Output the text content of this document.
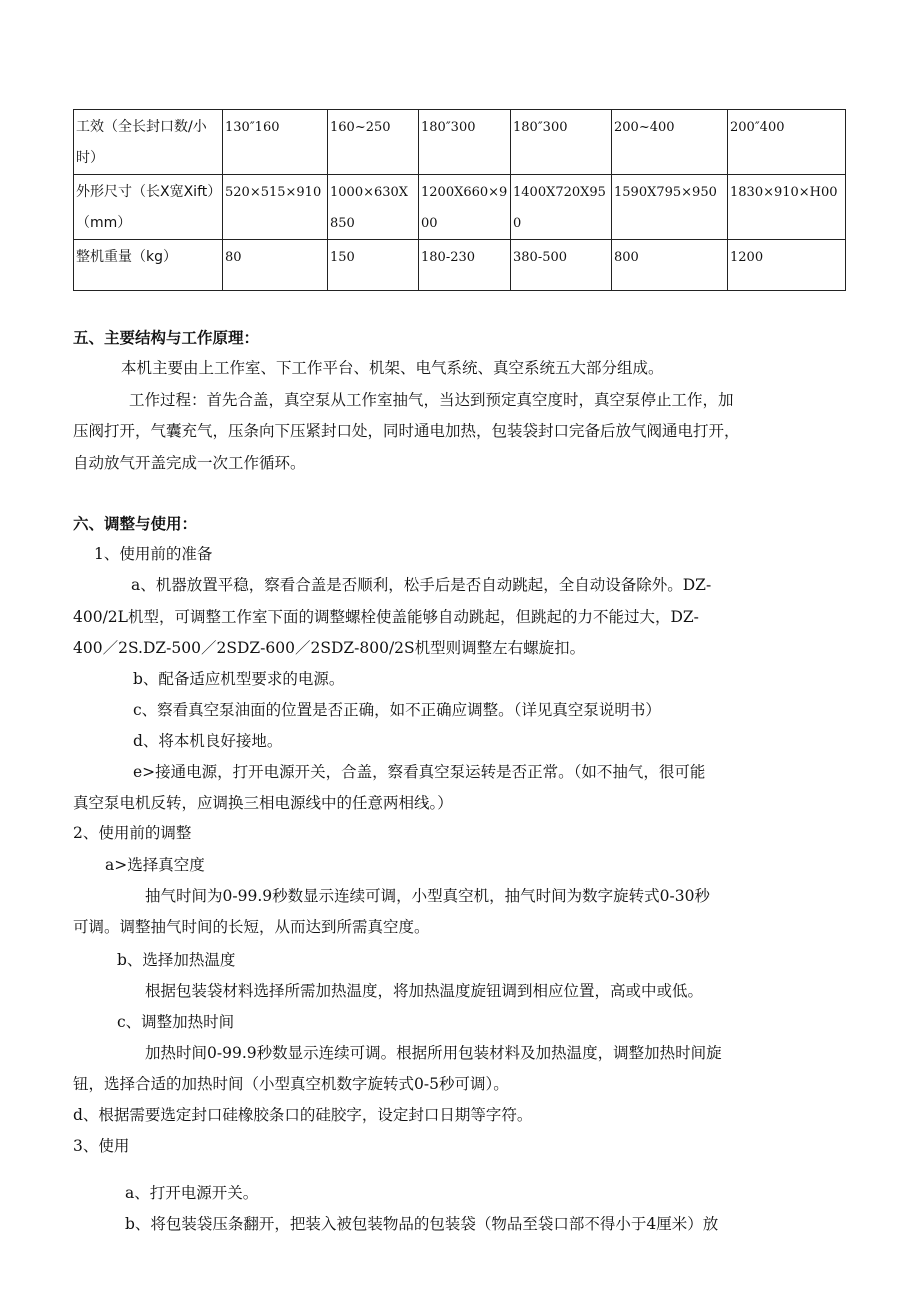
工效（全长封口数/小时）	130″160	160~250	180″300	180″300	200~400	200″400
外形尺寸（长X宽Xift）（mm）	520×515×910	1000×630X850	1200X660×900	1400X720X950	1590X795×950	1830×910×H00
整机重量（kg）	80	150	180-230	380-500	800	1200

五、主要结构与工作原理：

本机主要由上工作室、下工作平台、机架、电气系统、真空系统五大部分组成。

工作过程：首先合盖，真空泵从工作室抽气，当达到预定真空度时，真空泵停止工作，加

压阀打开，气囊充气，压条向下压紧封口处，同时通电加热，包装袋封口完备后放气阀通电打开，

自动放气开盖完成一次工作循环。

六、调整与使用：

1、使用前的准备

a、机器放置平稳，察看合盖是否顺利，松手后是否自动跳起，全自动设备除外。DZ-

400/2L机型，可调整工作室下面的调整螺栓使盖能够自动跳起，但跳起的力不能过大，DZ-

400／2S.DZ-500／2SDZ-600／2SDZ-800/2S机型则调整左右螺旋扣。

b、配备适应机型要求的电源。

c、察看真空泵油面的位置是否正确，如不正确应调整。（详见真空泵说明书）

d、将本机良好接地。

e>接通电源，打开电源开关，合盖，察看真空泵运转是否正常。（如不抽气，很可能

真空泵电机反转，应调换三相电源线中的任意两相线。）

2、使用前的调整

a>选择真空度

抽气时间为0-99.9秒数显示连续可调，小型真空机，抽气时间为数字旋转式0-30秒

可调。调整抽气时间的长短，从而达到所需真空度。

b、选择加热温度

根据包装袋材料选择所需加热温度，将加热温度旋钮调到相应位置，高或中或低。

c、调整加热时间

加热时间0-99.9秒数显示连续可调。根据所用包装材料及加热温度，调整加热时间旋

钮，选择合适的加热时间（小型真空机数字旋转式0-5秒可调）。

d、根据需要选定封口硅橡胶条口的硅胶字，设定封口日期等字符。

3、使用

a、打开电源开关。

b、将包装袋压条翻开，把装入被包装物品的包装袋（物品至袋口部不得小于4厘米）放
